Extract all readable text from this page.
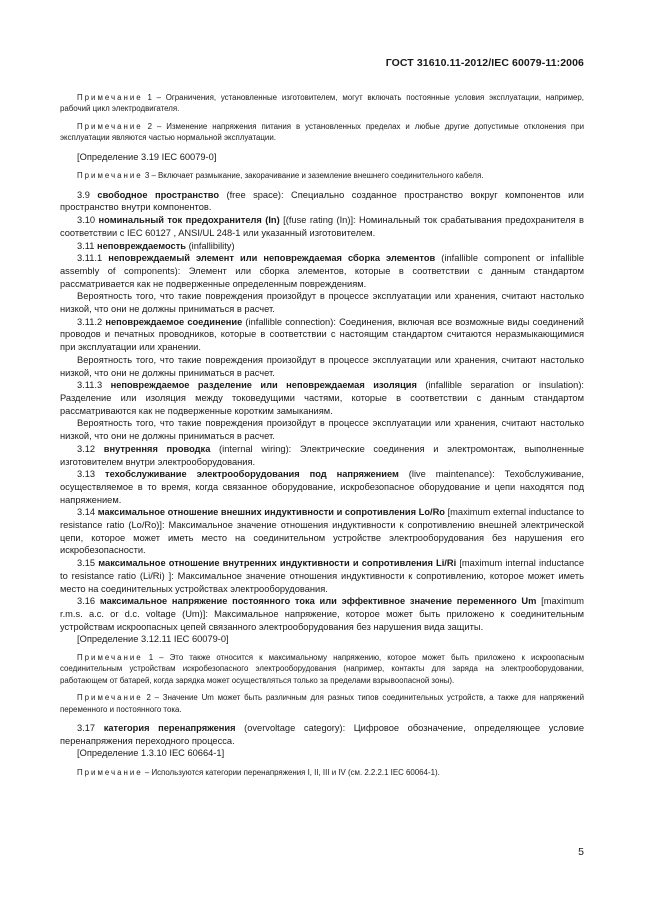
ГОСТ 31610.11-2012/IEC 60079-11:2006

Примечание 1 – Ограничения, установленные изготовителем, могут включать постоянные условия эксплуатации, например, рабочий цикл электродвигателя.

Примечание 2 – Изменение напряжения питания в установленных пределах и любые другие допустимые отклонения при эксплуатации являются частью нормальной эксплуатации.

[Определение 3.19 IEC 60079-0]

Примечание 3 – Включает размыкание, закорачивание и заземление внешнего соединительного кабеля.

3.9 свободное пространство (free space): Специально созданное пространство вокруг компонентов или пространство внутри компонентов.

3.10 номинальный ток предохранителя (In) [(fuse rating (In)]: Номинальный ток срабатывания предохранителя в соответствии с IEC 60127 , ANSI/UL 248-1 или указанный изготовителем.

3.11 неповреждаемость (infallibility)

3.11.1 неповреждаемый элемент или неповреждаемая сборка элементов (infallible component or infallible assembly of components): Элемент или сборка элементов, которые в соответствии с данным стандартом рассматривается как не подверженные определенным повреждениям.

Вероятность того, что такие повреждения произойдут в процессе эксплуатации или хранения, считают настолько низкой, что они не должны приниматься в расчет.

3.11.2 неповреждаемое соединение (infallible connection): Соединения, включая все возможные виды соединений проводов и печатных проводников, которые в соответствии с настоящим стандартом считаются неразмыкающимися при эксплуатации или хранении.

Вероятность того, что такие повреждения произойдут в процессе эксплуатации или хранения, считают настолько низкой, что они не должны приниматься в расчет.

3.11.3 неповреждаемое разделение или неповреждаемая изоляция (infallible separation or insulation): Разделение или изоляция между токоведущими частями, которые в соответствии с данным стандартом рассматриваются как не подверженные коротким замыканиям.

Вероятность того, что такие повреждения произойдут в процессе эксплуатации или хранения, считают настолько низкой, что они не должны приниматься в расчет.

3.12 внутренняя проводка (internal wiring): Электрические соединения и электромонтаж, выполненные изготовителем внутри электрооборудования.

3.13 техобслуживание электрооборудования под напряжением (live maintenance): Техобслуживание, осуществляемое в то время, когда связанное оборудование, искробезопасное оборудование и цепи находятся под напряжением.

3.14 максимальное отношение внешних индуктивности и сопротивления Lo/Ro [maximum external inductance to resistance ratio (Lo/Ro)]: Максимальное значение отношения индуктивности к сопротивлению внешней электрической цепи, которое может иметь место на соединительном устройстве электрооборудования без нарушения его искробезопасности.

3.15 максимальное отношение внутренних индуктивности и сопротивления Li/Ri [maximum internal inductance to resistance ratio (Li/Ri) ]: Максимальное значение отношения индуктивности к сопротивлению, которое может иметь место на соединительных устройствах электрооборудования.

3.16 максимальное напряжение постоянного тока или эффективное значение переменного Um [maximum r.m.s. a.c. or d.c. voltage (Um)]: Максимальное напряжение, которое может быть приложено к соединительным устройствам искроопасных цепей связанного электрооборудования без нарушения вида защиты.

[Определение 3.12.11 IEC 60079-0]

Примечание 1 – Это также относится к максимальному напряжению, которое может быть приложено к искроопасным соединительным устройствам искробезопасного электрооборудования (например, контакты для заряда на электрооборудовании, работающем от батарей, когда зарядка может осуществляться только за пределами взрывоопасной зоны).

Примечание 2 – Значение Um может быть различным для разных типов соединительных устройств, а также для напряжений переменного и постоянного тока.

3.17 категория перенапряжения (overvoltage category): Цифровое обозначение, определяющее условие перенапряжения переходного процесса.

[Определение 1.3.10 IEC 60664-1]

Примечание – Используются категории перенапряжения I, II, III и IV (см. 2.2.2.1 IEC 60064-1).

5
